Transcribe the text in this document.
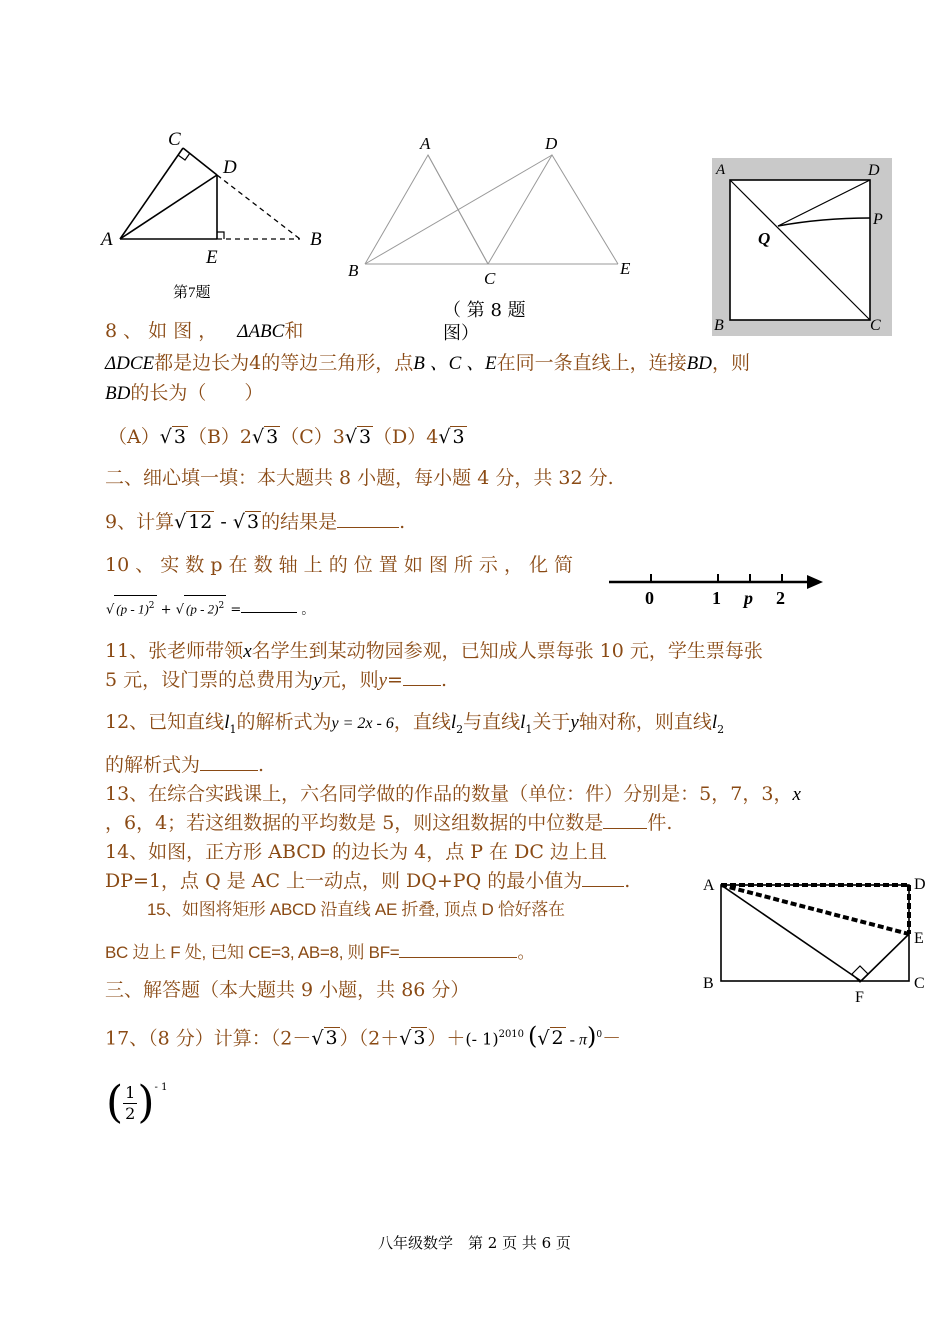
C
D
A
E
B
第7题
A	D
B	C
E
（ 第 8 题
A	D
P
Q
B	C
8 、 如 图 ， ΔABC和	图）
ΔDCE都是边长为4的等边三角形，点B 、C 、E在同一条直线上，连接BD，则
BD的长为（　　）
（A）√ 3 （B）2√ 3 （C）3√ 3 （D）4√ 3
二、细心填一填：本大题共 8 小题，每小题 4 分，共 32 分.
9、计算√ 12 - √ 3 的结果是	.
10 、 实 数 p 在 数 轴 上 的 位 置 如 图 所 示 ， 化 简
√ (p - 1)$^2$ + √ (p - 2)$^2$ =	。
0	1 p 2
11、张老师带领x名学生到某动物园参观，已知成人票每张 10 元，学生票每张
5 元，设门票的总费用为y元，则y= .
12、已知直线$l_1$的解析式为y = 2x - 6，直线$l_2$与直线$l_1$关于y轴对称，则直线$l_2$
的解析式为	.
13、在综合实践课上，六名同学做的作品的数量（单位：件）分别是：5，7，3，x
，6，4；若这组数据的平均数是 5，则这组数据的中位数是 件.
14、如图，正方形 ABCD 的边长为 4，点 P 在 DC 边上且
DP=1，点 Q 是 AC 上一动点，则 DQ+PQ 的最小值为 .
15、如图将矩形 ABCD 沿直线 AE 折叠, 顶点 D 恰好落在
BC 边上 F 处, 已知 CE=3, AB=8, 则 BF=	。
A	D
E
B	C
F
三、解答题（本大题共 9 小题，共 86 分）
17、（8 分）计算：（2－√ 3 ）（2＋√ 3 ）＋(- 1)$^{2010}$ (√ 2 - π)$^0$－
( $\frac{1}{2} )^{- 1}$
八年级数学　第 2 页 共 6 页
